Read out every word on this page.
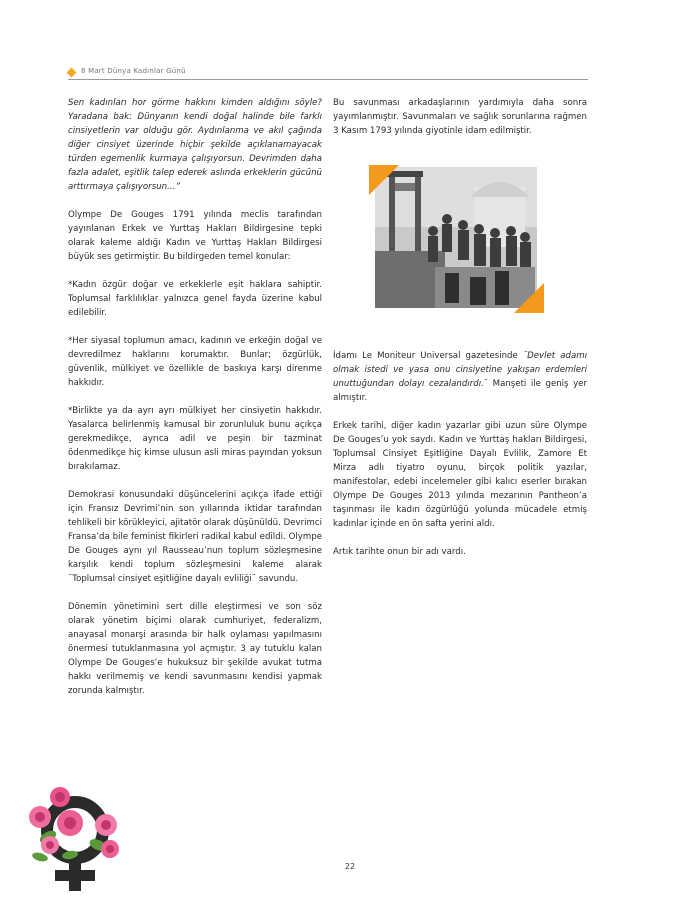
8 Mart Dünya Kadınlar Günü

Sen kadınları hor görme hakkını kimden aldığını söyle? Yaradana bak: Dünyanın kendi doğal halinde bile farklı cinsiyetlerin var olduğu gör. Aydınlanma ve akıl çağında diğer cinsiyet üzerinde hiçbir şekilde açıklanamayacak türden egemenlik kurmaya çalışıyorsun. Devrimden daha fazla adalet, eşitlik talep ederek aslında erkeklerin gücünü arttırmaya çalışıyorsun…”

Olympe De Gouges 1791 yılında meclis tarafından yayınlanan Erkek ve Yurttaş Hakları Bildirgesine tepki olarak kaleme aldığı Kadın ve Yurttaş Hakları Bildirgesi büyük ses getirmiştir. Bu bildirgeden temel konular:

*Kadın özgür doğar ve erkeklerle eşit haklara sahiptir. Toplumsal farklılıklar yalnızca genel fayda üzerine kabul edilebilir.

*Her siyasal toplumun amacı, kadının ve erkeğin doğal ve devredilmez haklarını korumaktır. Bunlar; özgürlük, güvenlik, mülkiyet ve özellikle de baskıya karşı direnme hakkıdır.

*Birlikte ya da ayrı ayrı mülkiyet her cinsiyetin hakkıdır. Yasalarca belirlenmiş kamusal bir zorunluluk bunu açıkça gerekmedikçe, ayrıca adil ve peşin bir tazminat ödenmedikçe hiç kimse ulusun asli miras payından yoksun bırakılamaz.

Demokrasi konusundaki düşüncelerini açıkça ifade ettiği için Fransız Devrimi’nin son yıllarında iktidar tarafından tehlikeli bir körükleyici, ajitatör olarak düşünüldü. Devrimci Fransa’da bile feminist fikirleri radikal kabul edildi. Olympe De Gouges aynı yıl Rausseau’nun toplum sözleşmesine karşılık kendi toplum sözleşmesini kaleme alarak ¨Toplumsal cinsiyet eşitliğine dayalı evliliği¨ savundu.

Dönemin yönetimini sert dille eleştirmesi ve son söz olarak yönetim biçimi olarak cumhuriyet, federalizm, anayasal monarşi arasında bir halk oylaması yapılmasını önermesi tutuklanmasına yol açmıştır. 3 ay tutuklu kalan Olympe De Gouges’e hukuksuz bir şekilde avukat tutma hakkı verilmemiş ve kendi savunmasını kendisi yapmak zorunda kalmıştır.

Bu savunması arkadaşlarının yardımıyla daha sonra yayımlanmıştır. Savunmaları ve sağlık sorunlarına rağmen 3 Kasım 1793 yılında giyotinle idam edilmiştir.

İdamı Le Moniteur Universal gazetesinde ¨Devlet adamı olmak istedi ve yasa onu cinsiyetine yakışan erdemleri unuttuğundan dolayı cezalandırdı.¨ Manşeti ile geniş yer almıştır.

Erkek tarihi, diğer kadın yazarlar gibi uzun süre Olympe De Gouges’u yok saydı. Kadın ve Yurttaş hakları Bildirgesi, Toplumsal Cinsiyet Eşitliğine Dayalı Evlilik, Zamore Et Mirza adlı tiyatro oyunu, birçok politik yazılar, manifestolar, edebi incelemeler gibi kalıcı eserler bırakan Olympe De Gouges 2013 yılında mezarının Pantheon’a taşınması ile kadın özgürlüğü yolunda mücadele etmiş kadınlar içinde en ön safta yerini aldı.

Artık tarihte onun bir adı vardı.

22
